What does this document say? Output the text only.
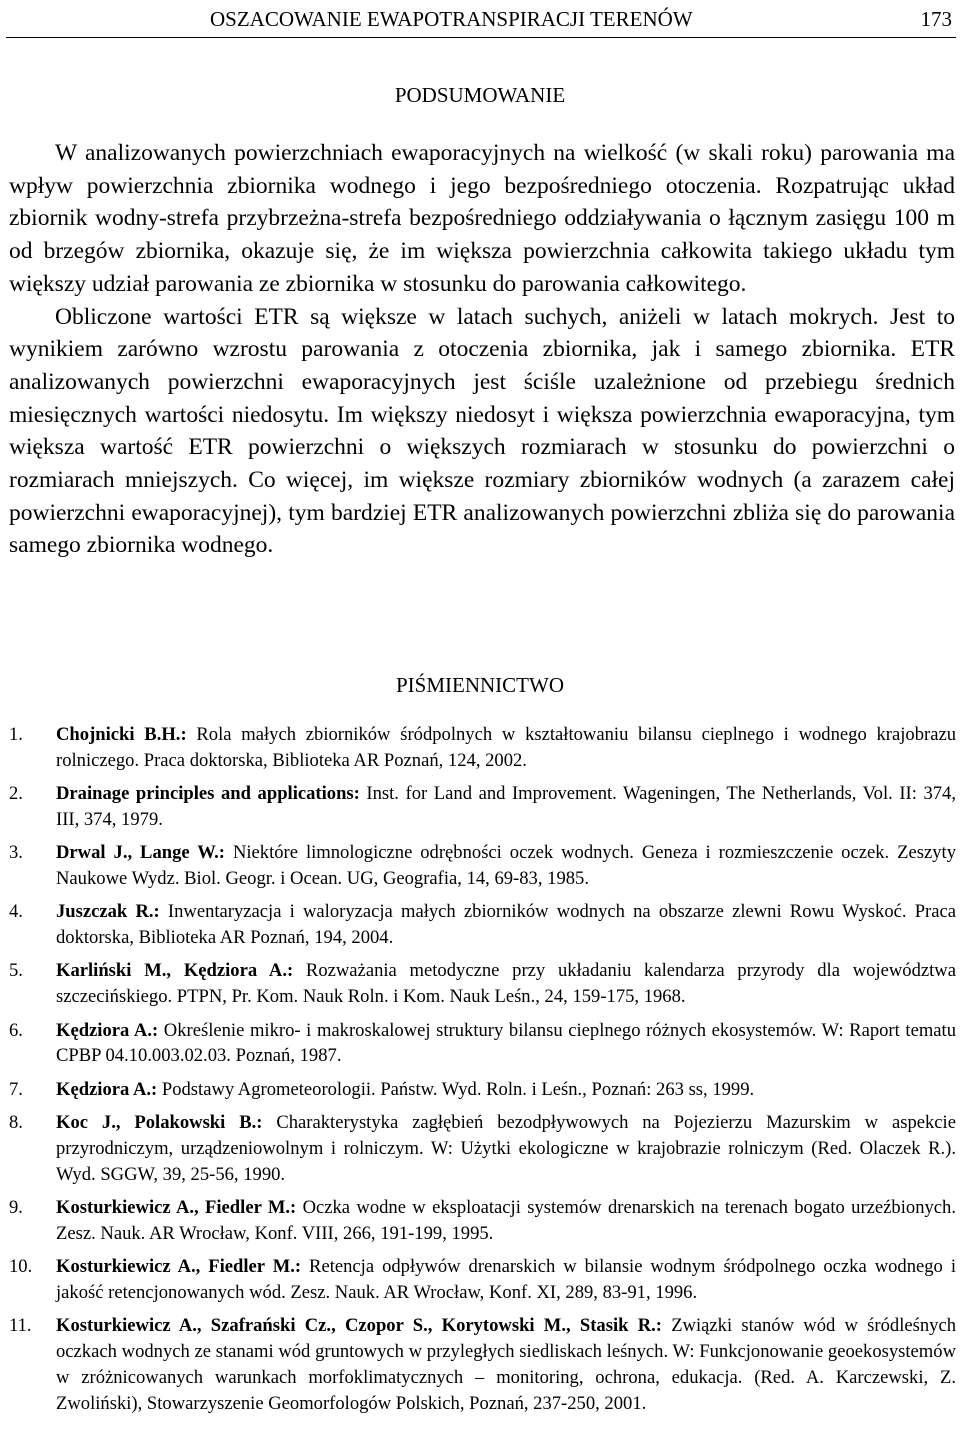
OSZACOWANIE EWAPOTRANSPIRACJI TERENÓW	173
PODSUMOWANIE

W analizowanych powierzchniach ewaporacyjnych na wielkość (w skali roku) parowania ma wpływ powierzchnia zbiornika wodnego i jego bezpośredniego otoczenia. Rozpatrując układ zbiornik wodny-strefa przybrzeżna-strefa bezpośredniego oddziaływania o łącznym zasięgu 100 m od brzegów zbiornika, okazuje się, że im większa powierzchnia całkowita takiego układu tym większy udział parowania ze zbiornika w stosunku do parowania całkowitego.

Obliczone wartości ETR są większe w latach suchych, aniżeli w latach mokrych. Jest to wynikiem zarówno wzrostu parowania z otoczenia zbiornika, jak i samego zbiornika. ETR analizowanych powierzchni ewaporacyjnych jest ściśle uzależnione od przebiegu średnich miesięcznych wartości niedosytu. Im większy niedosyt i większa powierzchnia ewaporacyjna, tym większa wartość ETR powierzchni o większych rozmiarach w stosunku do powierzchni o rozmiarach mniejszych. Co więcej, im większe rozmiary zbiorników wodnych (a zarazem całej powierzchni ewaporacyjnej), tym bardziej ETR analizowanych powierzchni zbliża się do parowania samego zbiornika wodnego.

PIŚMIENNICTWO
1.	Chojnicki B.H.: Rola małych zbiorników śródpolnych w kształtowaniu bilansu cieplnego i wodnego krajobrazu rolniczego. Praca doktorska, Biblioteka AR Poznań, 124, 2002.
2.	Drainage principles and applications: Inst. for Land and Improvement. Wageningen, The Netherlands, Vol. II: 374, III, 374, 1979.
3.	Drwal J., Lange W.: Niektóre limnologiczne odrębności oczek wodnych. Geneza i rozmieszczenie oczek. Zeszyty Naukowe Wydz. Biol. Geogr. i Ocean. UG, Geografia, 14, 69-83, 1985.
4.	Juszczak R.: Inwentaryzacja i waloryzacja małych zbiorników wodnych na obszarze zlewni Rowu Wyskoć. Praca doktorska, Biblioteka AR Poznań, 194, 2004.
5.	Karliński M., Kędziora A.: Rozważania metodyczne przy układaniu kalendarza przyrody dla województwa szczecińskiego. PTPN, Pr. Kom. Nauk Roln. i Kom. Nauk Leśn., 24, 159-175, 1968.
6.	Kędziora A.: Określenie mikro- i makroskalowej struktury bilansu cieplnego różnych ekosystemów. W: Raport tematu CPBP 04.10.003.02.03. Poznań, 1987.
7.	Kędziora A.: Podstawy Agrometeorologii. Państw. Wyd. Roln. i Leśn., Poznań: 263 ss, 1999.
8.	Koc J., Polakowski B.: Charakterystyka zagłębień bezodpływowych na Pojezierzu Mazurskim w aspekcie przyrodniczym, urządzeniowolnym i rolniczym. W: Użytki ekologiczne w krajobrazie rolniczym (Red. Olaczek R.). Wyd. SGGW, 39, 25-56, 1990.
9.	Kosturkiewicz A., Fiedler M.: Oczka wodne w eksploatacji systemów drenarskich na terenach bogato urzeźbionych. Zesz. Nauk. AR Wrocław, Konf. VIII, 266, 191-199, 1995.
10.	Kosturkiewicz A., Fiedler M.: Retencja odpływów drenarskich w bilansie wodnym śródpolnego oczka wodnego i jakość retencjonowanych wód. Zesz. Nauk. AR Wrocław, Konf. XI, 289, 83-91, 1996.
11.	Kosturkiewicz A., Szafrański Cz., Czopor S., Korytowski M., Stasik R.: Związki stanów wód w śródleśnych oczkach wodnych ze stanami wód gruntowych w przyległych siedliskach leśnych. W: Funkcjonowanie geoekosystemów w zróżnicowanych warunkach morfoklimatycznych – monitoring, ochrona, edukacja. (Red. A. Karczewski, Z. Zwoliński), Stowarzyszenie Geomorfologów Polskich, Poznań, 237-250, 2001.
